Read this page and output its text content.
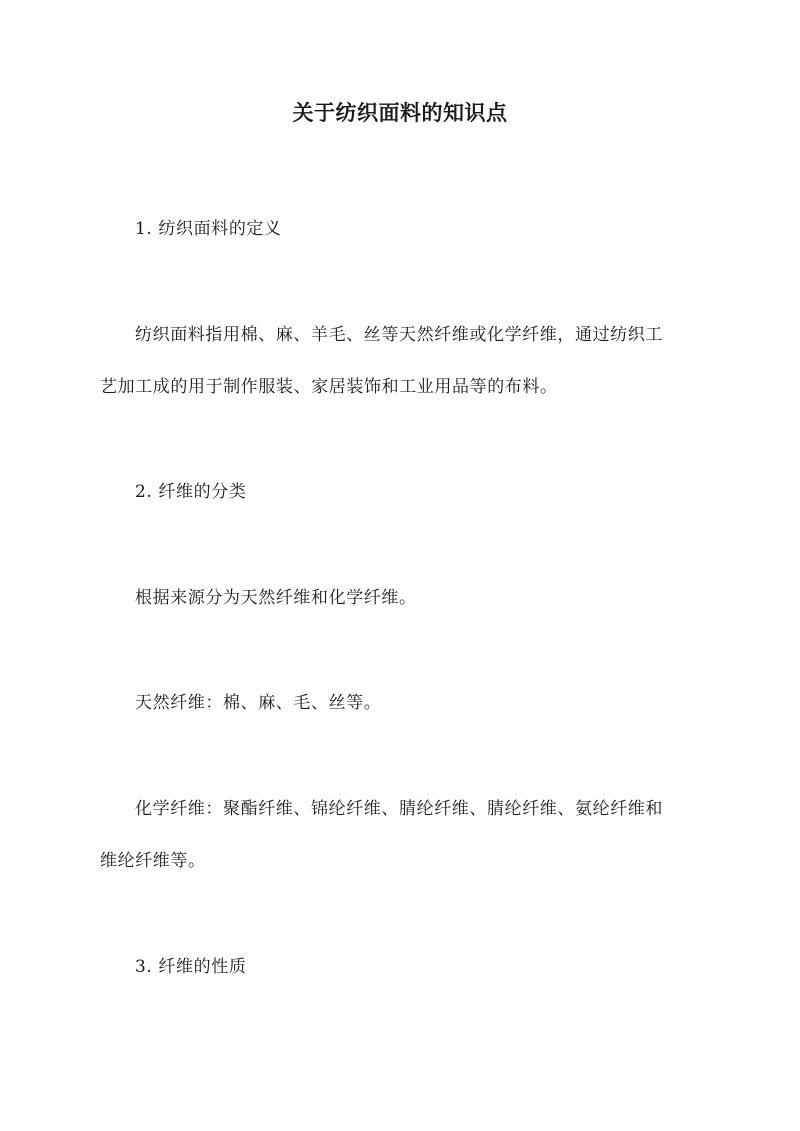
关于纺织面料的知识点
1. 纺织面料的定义
纺织面料指用棉、麻、羊毛、丝等天然纤维或化学纤维，通过纺织工
艺加工成的用于制作服装、家居装饰和工业用品等的布料。
2. 纤维的分类
根据来源分为天然纤维和化学纤维。
天然纤维：棉、麻、毛、丝等。
化学纤维：聚酯纤维、锦纶纤维、腈纶纤维、腈纶纤维、氨纶纤维和
维纶纤维等。
3. 纤维的性质
